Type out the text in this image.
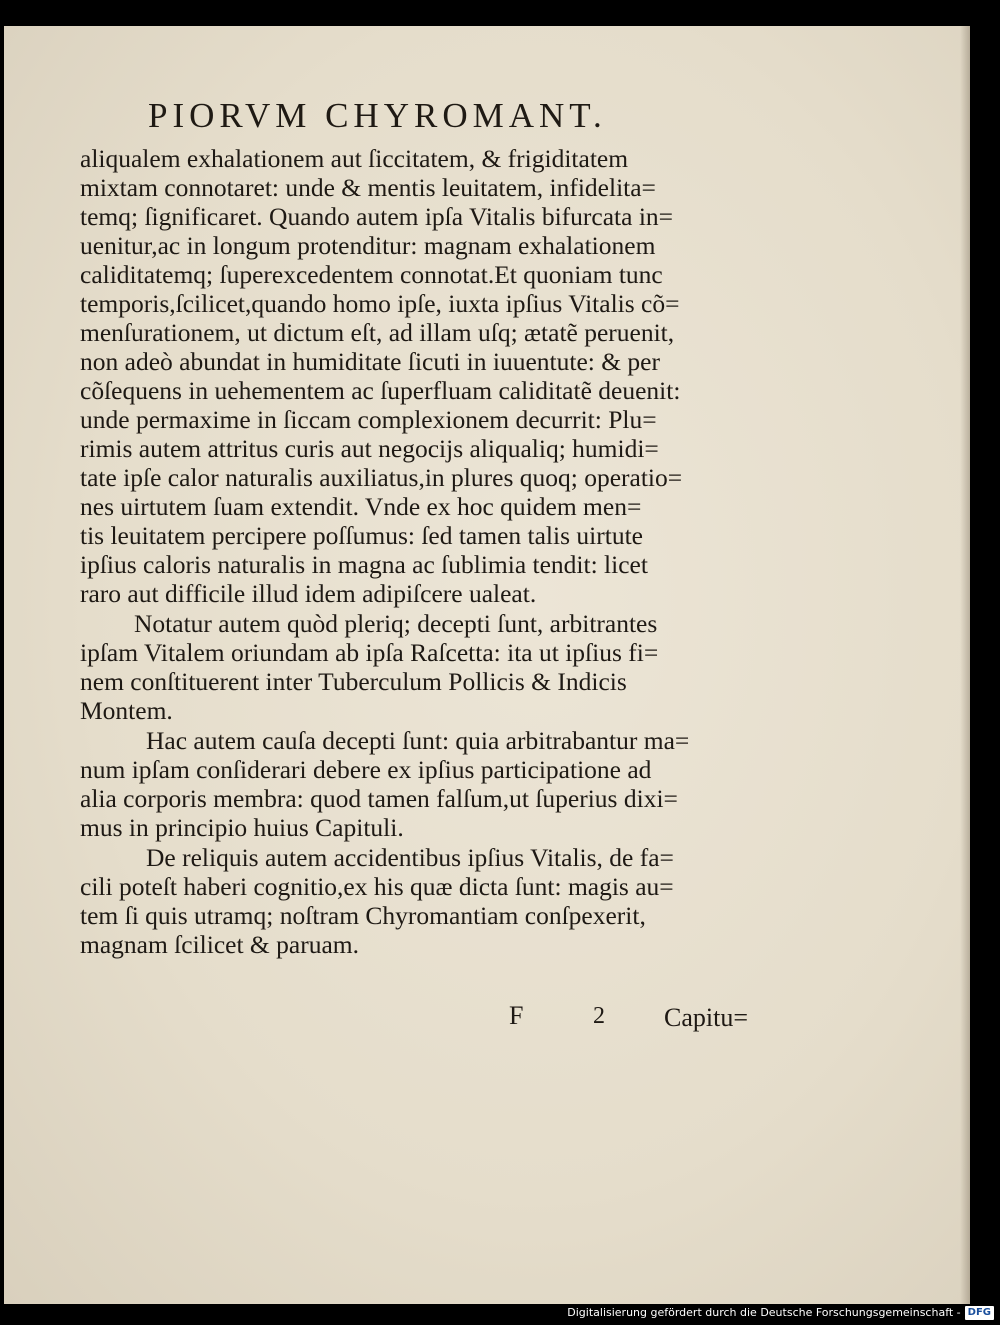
PIORVM CHYROMANT.
aliqualem exhalationem aut ſiccitatem, & frigiditatem
mixtam connotaret: unde & mentis leuitatem, infidelita=
temq; ſignificaret. Quando autem ipſa Vitalis bifurcata in=
uenitur,ac in longum protenditur: magnam exhalationem
caliditatemq; ſuperexcedentem connotat.Et quoniam tunc
temporis,ſcilicet,quando homo ipſe, iuxta ipſius Vitalis cõ=
menſurationem, ut dictum eſt, ad illam uſq; ætatẽ peruenit,
non adeò abundat in humiditate ſicuti in iuuentute: & per
cõſequens in uehementem ac ſuperfluam caliditatẽ deuenit:
unde permaxime in ſiccam complexionem decurrit: Plu=
rimis autem attritus curis aut negocijs aliqualiq; humidi=
tate ipſe calor naturalis auxiliatus,in plures quoq; operatio=
nes uirtutem ſuam extendit. Vnde ex hoc quidem men=
tis leuitatem percipere poſſumus: ſed tamen talis uirtute
ipſius caloris naturalis in magna ac ſublimia tendit: licet
raro aut difficile illud idem adipiſcere ualeat.
Notatur autem quòd pleriq; decepti ſunt, arbitrantes
ipſam Vitalem oriundam ab ipſa Raſcetta: ita ut ipſius fi=
nem conſtituerent inter Tuberculum Pollicis & Indicis
Montem.
Hac autem cauſa decepti ſunt: quia arbitrabantur ma=
num ipſam conſiderari debere ex ipſius participatione ad
alia corporis membra: quod tamen falſum,ut ſuperius dixi=
mus in principio huius Capituli.
De reliquis autem accidentibus ipſius Vitalis, de fa=
cili poteſt haberi cognitio,ex his quæ dicta ſunt: magis au=
tem ſi quis utramq; noſtram Chyromantiam conſpexerit,
magnam ſcilicet & paruam.
F	2 Capitu=
Digitalisierung gefördert durch die Deutsche Forschungsgemeinschaft - DFG
